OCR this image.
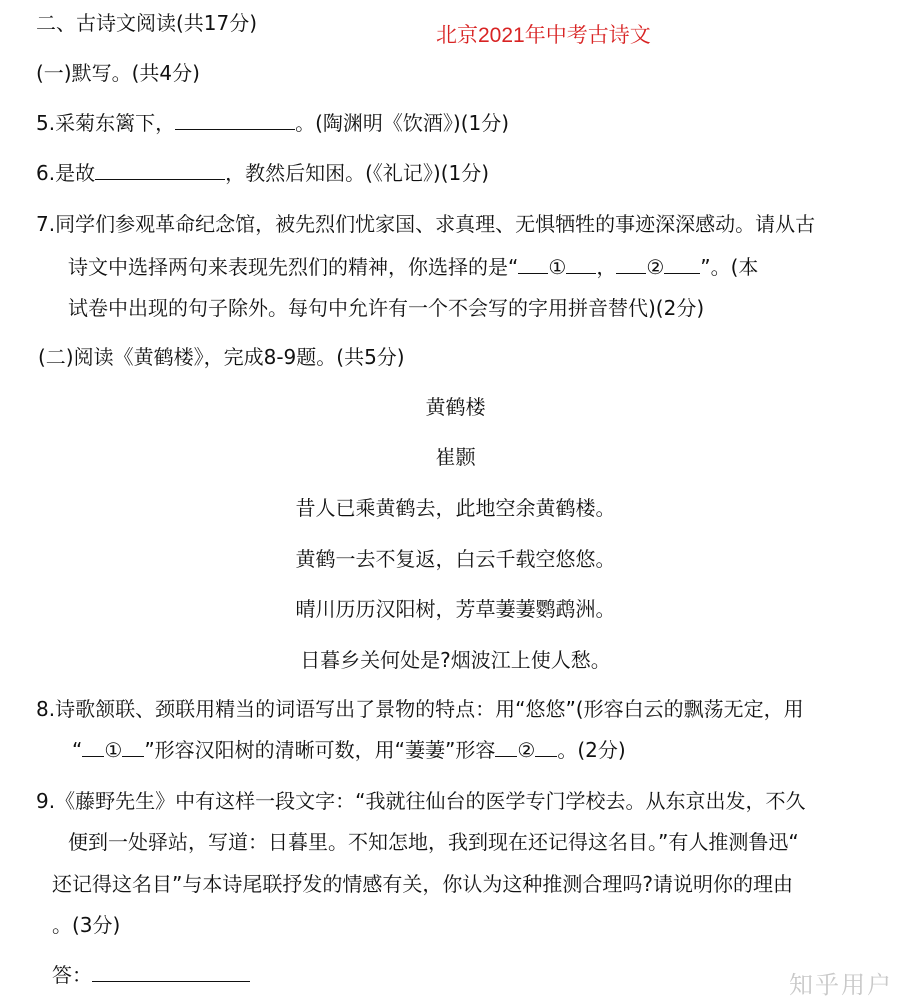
二、古诗文阅读(共17分)
北京2021年中考古诗文
(一)默写。(共4分)
5.采菊东篱下，	。(陶渊明《饮酒》)(1分)
6.是故	，教然后知困。(《礼记》)(1分)
7.同学们参观革命纪念馆，被先烈们忧家国、求真理、无惧牺牲的事迹深深感动。请从古
诗文中选择两句来表现先烈们的精神，你选择的是“ ① ， ② ”。(本
试卷中出现的句子除外。每句中允许有一个不会写的字用拼音替代)(2分)
(二)阅读《黄鹤楼》，完成8-9题。(共5分)
黄鹤楼
崔颢
昔人已乘黄鹤去，此地空余黄鹤楼。
黄鹤一去不复返，白云千载空悠悠。
晴川历历汉阳树，芳草萋萋鹦鹉洲。
日暮乡关何处是?烟波江上使人愁。
8.诗歌颔联、颈联用精当的词语写出了景物的特点：用“悠悠”(形容白云的飘荡无定，用
“ ① ”形容汉阳树的清晰可数，用“萋萋”形容 ② 。(2分)
9.《藤野先生》中有这样一段文字：“我就往仙台的医学专门学校去。从东京出发，不久
便到一处驿站，写道：日暮里。不知怎地，我到现在还记得这名目。”有人推测鲁迅“
还记得这名目”与本诗尾联抒发的情感有关，你认为这种推测合理吗?请说明你的理由
。(3分)
答：	知乎用户
